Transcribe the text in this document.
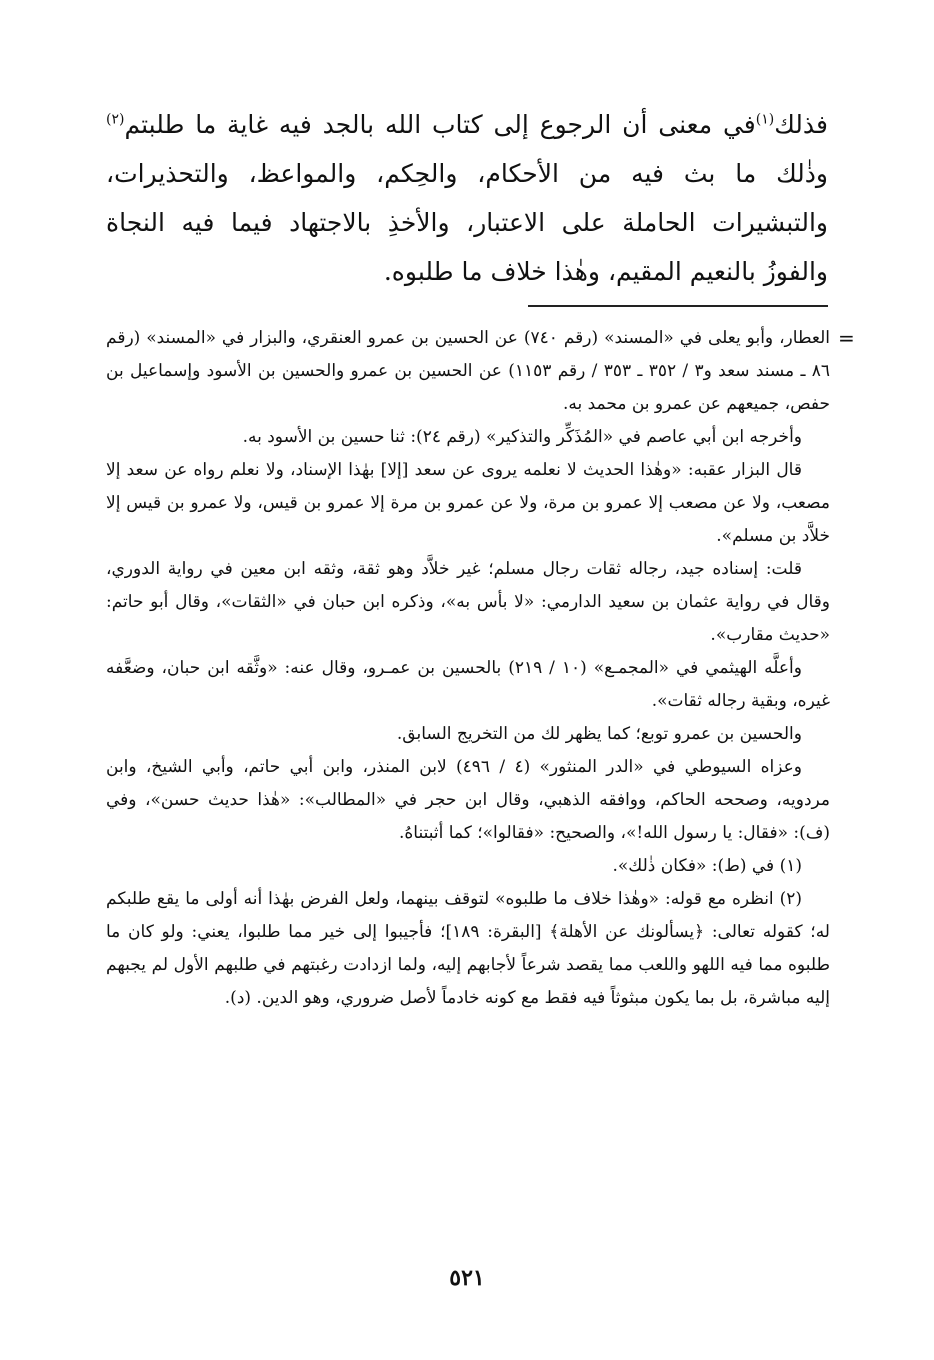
فذلك$^{(١)}$في معنى أن الرجوع إلى كتاب الله بالجد فيه غاية ما طلبتم$^{(٢)}$ وذٰلك ما بث فيه من الأحكام، والحِكم، والمواعظ، والتحذيرات، والتبشيرات الحاملة على الاعتبار، والأخذِ بالاجتهاد فيما فيه النجاة والفوزُ بالنعيم المقيم، وهٰذا خلاف ما طلبوه.

=

العطار، وأبو يعلى في «المسند» (رقم ٧٤٠) عن الحسين بن عمرو العنقري، والبزار في «المسند» (رقم ٨٦ ـ مسند سعد و٣ / ٣٥٢ ـ ٣٥٣ / رقم ١١٥٣) عن الحسين بن عمرو والحسين بن الأسود وإسماعيل بن حفص، جميعهم عن عمرو بن محمد به.

وأخرجه ابن أبي عاصم في «المُذَكِّر والتذكير» (رقم ٢٤): ثنا حسين بن الأسود به.

قال البزار عقبه: «وهٰذا الحديث لا نعلمه يروى عن سعد [إلا] بهٰذا الإسناد، ولا نعلم رواه عن سعد إلا مصعب، ولا عن مصعب إلا عمرو بن مرة، ولا عن عمرو بن مرة إلا عمرو بن قيس، ولا عمرو بن قيس إلا خلاَّد بن مسلم».

قلت: إسناده جيد، رجاله ثقات رجال مسلم؛ غير خلاَّد وهو ثقة، وثقه ابن معين في رواية الدوري، وقال في رواية عثمان بن سعيد الدارمي: «لا بأس به»، وذكره ابن حبان في «الثقات»، وقال أبو حاتم: «حديث مقارب».

وأعلَّه الهيثمي في «المجمـع» (١٠ / ٢١٩) بالحسين بن عمـرو، وقال عنه: «وثَّقه ابن حبان، وضعَّفه غيره، وبقية رجاله ثقات».

والحسين بن عمرو توبع؛ كما يظهر لك من التخريج السابق.

وعزاه السيوطي في «الدر المنثور» (٤ / ٤٩٦) لابن المنذر، وابن أبي حاتم، وأبي الشيخ، وابن مردويه، وصححه الحاكم، ووافقه الذهبي، وقال ابن حجر في «المطالب»: «هٰذا حديث حسن»، وفي (ف): «فقال: يا رسول الله!»، والصحيح: «فقالوا»؛ كما أثبتناهُ.

(١) في (ط): «فكان ذٰلك».

(٢) انظره مع قوله: «وهٰذا خلاف ما طلبوه» لتوقف بينهما، ولعل الفرض بهٰذا أنه أولى ما يقع طلبكم له؛ كقوله تعالى: ﴿يسألونك عن الأهلة﴾ [البقرة: ١٨٩]؛ فأجيبوا إلى خير مما طلبوا، يعني: ولو كان ما طلبوه مما فيه اللهو واللعب مما يقصد شرعاً لأجابهم إليه، ولما ازدادت رغبتهم في طلبهم الأول لم يجبهم إليه مباشرة، بل بما يكون مبثوثاً فيه فقط مع كونه خادماً لأصل ضروري، وهو الدين. (د).

٥٢١
